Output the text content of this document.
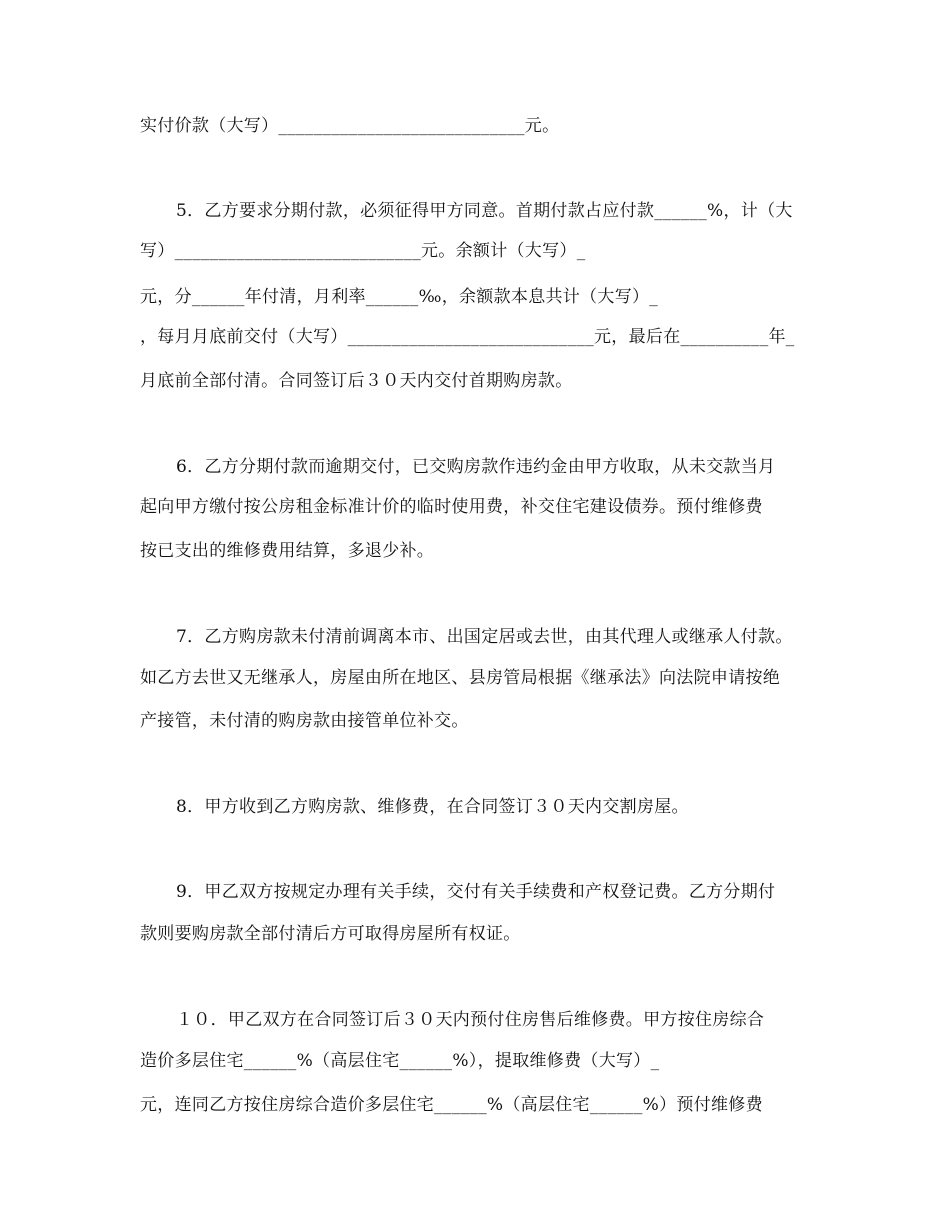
实付价款（大写）____________________________元。
5．乙方要求分期付款，必须征得甲方同意。首期付款占应付款______%，计（大
写）____________________________元。余额计（大写）_
元，分______年付清，月利率______‰，余额款本息共计（大写）_
，每月月底前交付（大写）____________________________元，最后在__________年_
月底前全部付清。合同签订后３０天内交付首期购房款。
6．乙方分期付款而逾期交付，已交购房款作违约金由甲方收取，从未交款当月
起向甲方缴付按公房租金标准计价的临时使用费，补交住宅建设债券。预付维修费
按已支出的维修费用结算，多退少补。
7．乙方购房款未付清前调离本市、出国定居或去世，由其代理人或继承人付款。
如乙方去世又无继承人，房屋由所在地区、县房管局根据《继承法》向法院申请按绝
产接管，未付清的购房款由接管单位补交。
8．甲方收到乙方购房款、维修费，在合同签订３０天内交割房屋。
9．甲乙双方按规定办理有关手续，交付有关手续费和产权登记费。乙方分期付
款则要购房款全部付清后方可取得房屋所有权证。
１０．甲乙双方在合同签订后３０天内预付住房售后维修费。甲方按住房综合
造价多层住宅______%（高层住宅______%），提取维修费（大写）_
元，连同乙方按住房综合造价多层住宅______%（高层住宅______%）预付维修费
